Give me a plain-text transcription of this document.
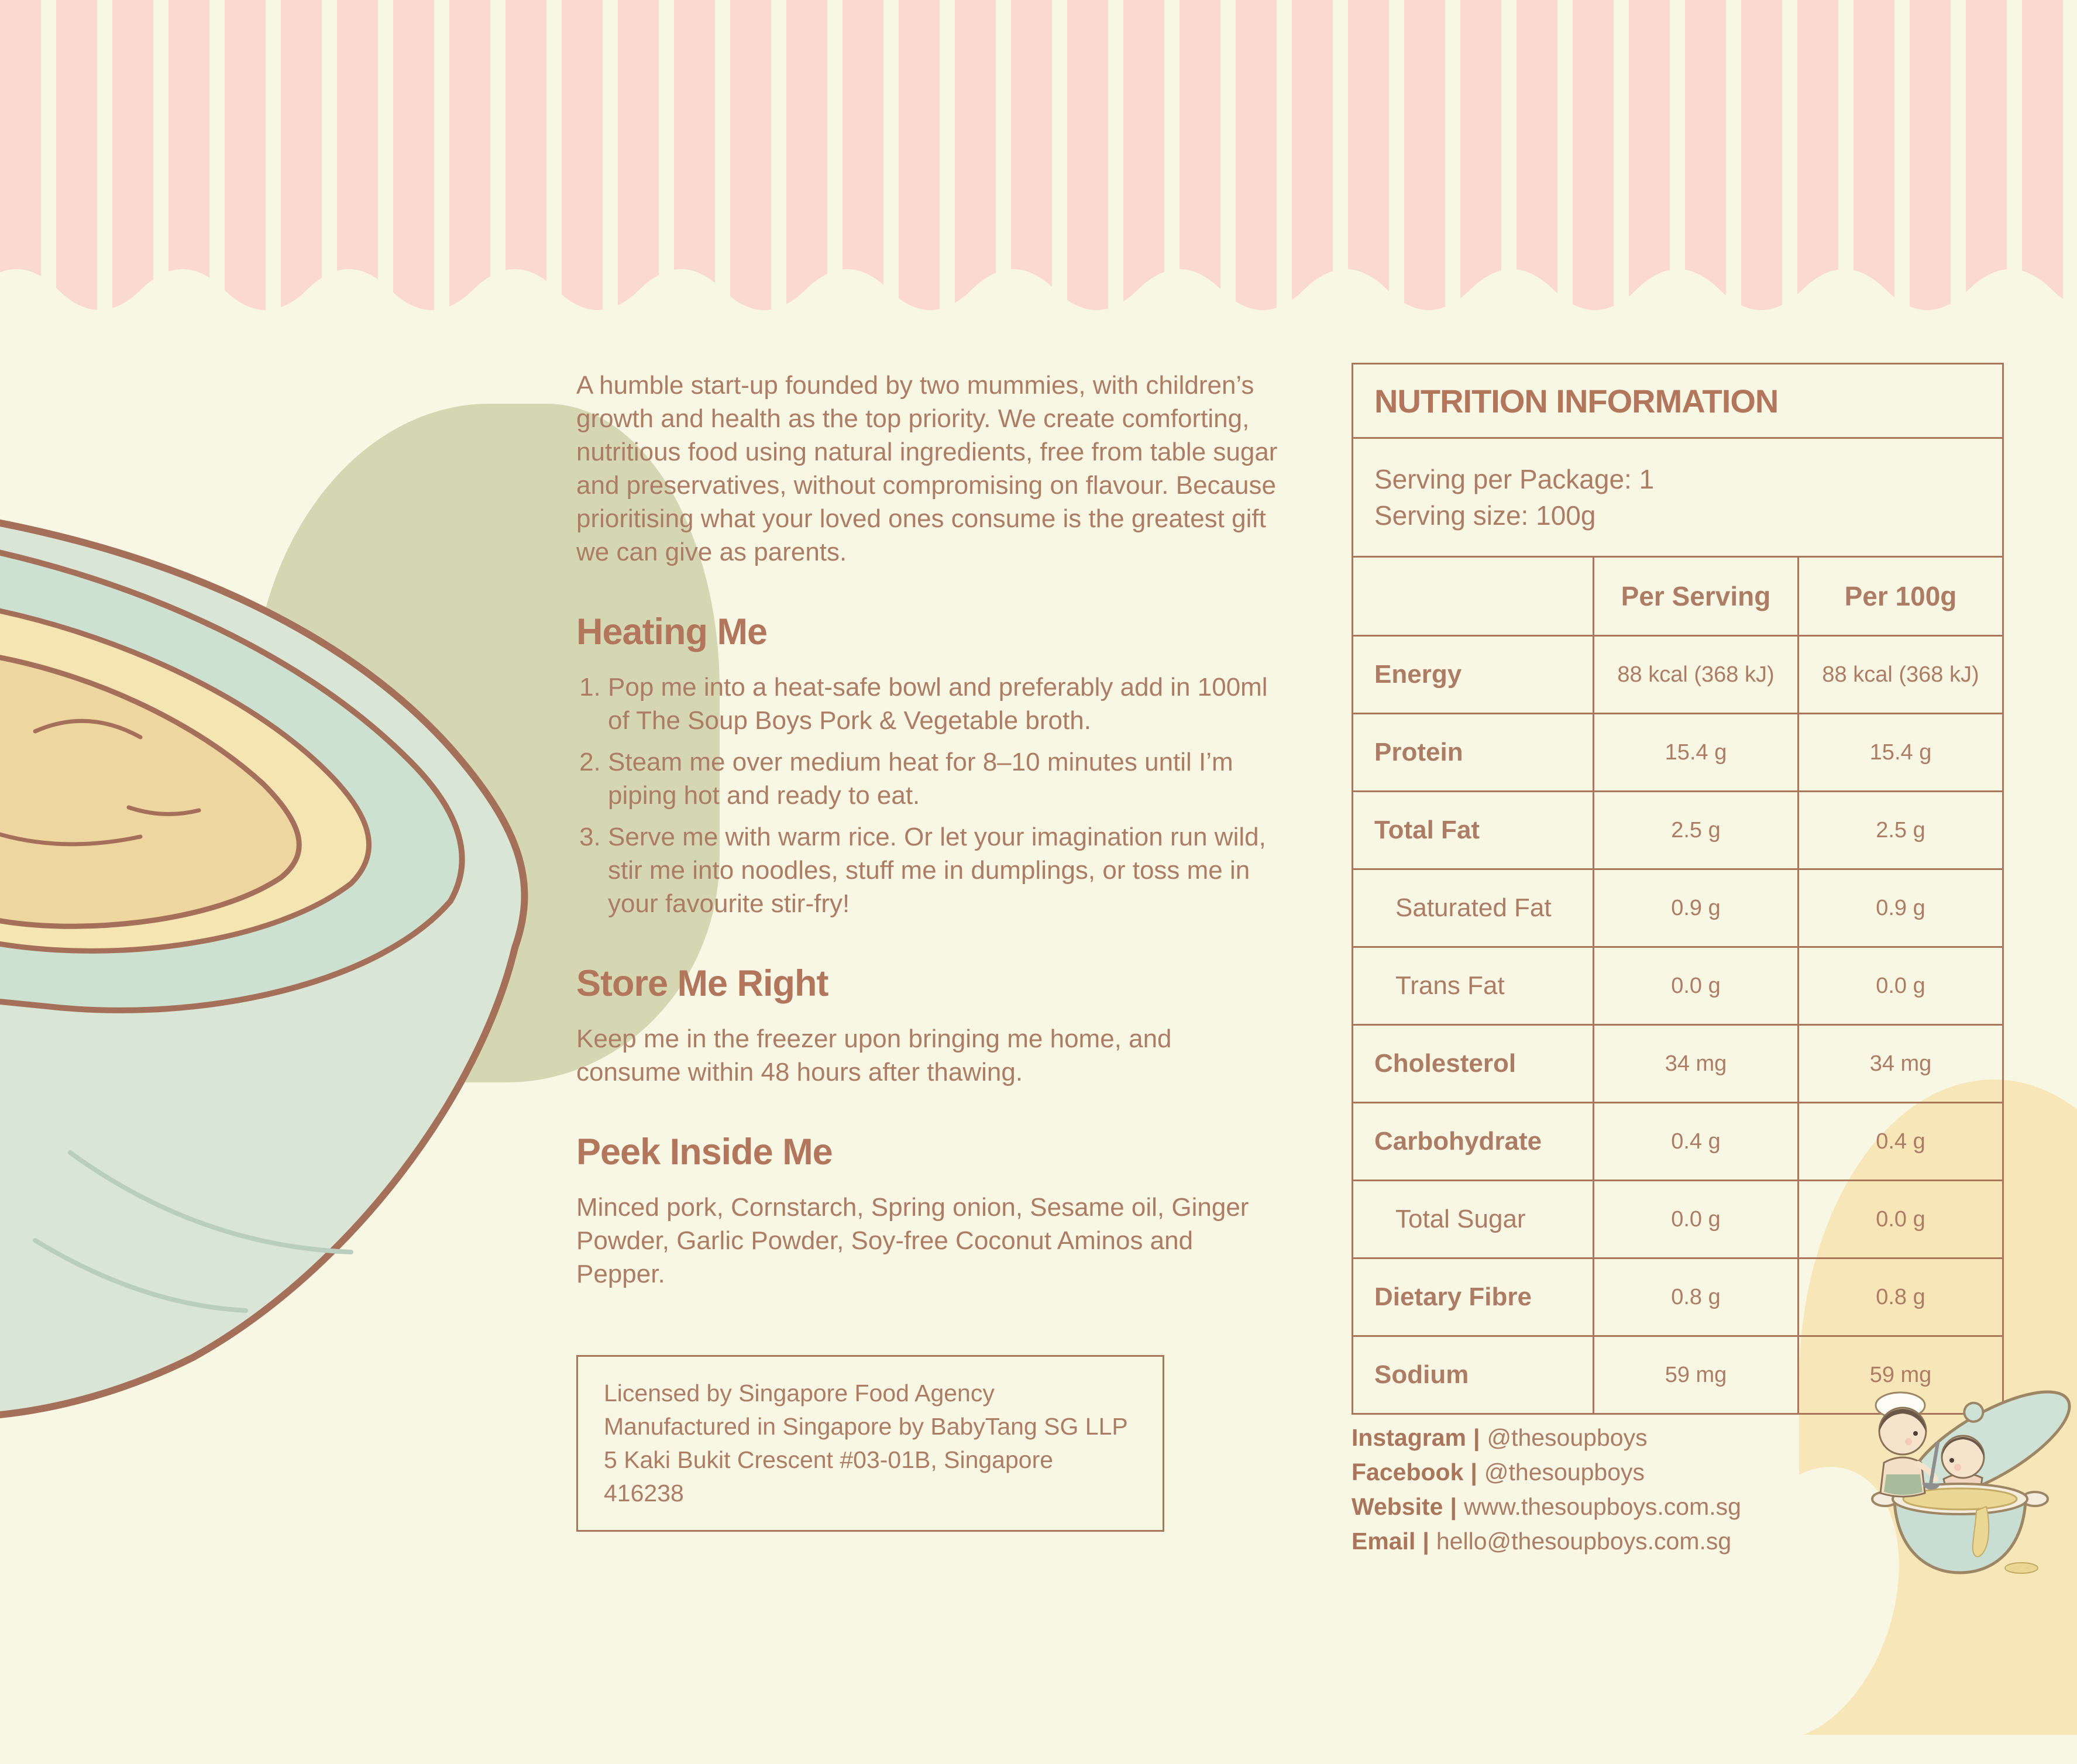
A humble start-up founded by two mummies, with children’s growth and health as the top priority. We create comforting, nutritious food using natural ingredients, free from table sugar and preservatives, without compromising on flavour. Because prioritising what your loved ones consume is the greatest gift we can give as parents.

Heating Me
1. Pop me into a heat-safe bowl and preferably add in 100ml of The Soup Boys Pork & Vegetable broth.
2. Steam me over medium heat for 8–10 minutes until I’m piping hot and ready to eat.
3. Serve me with warm rice. Or let your imagination run wild, stir me into noodles, stuff me in dumplings, or toss me in your favourite stir-fry!
Store Me Right

Keep me in the freezer upon bringing me home, and consume within 48 hours after thawing.

Peek Inside Me

Minced pork, Cornstarch, Spring onion, Sesame oil, Ginger Powder, Garlic Powder, Soy-free Coconut Aminos and Pepper.

Licensed by Singapore Food Agency
Manufactured in Singapore by BabyTang SG LLP
5 Kaki Bukit Crescent #03-01B, Singapore 416238
NUTRITION INFORMATION		

Serving per Package: 1
Serving size: 100g		

	Per Serving	Per 100g
Energy	88 kcal (368 kJ)	88 kcal (368 kJ)
Protein	15.4 g	15.4 g
Total Fat	2.5 g	2.5 g
Saturated Fat	0.9 g	0.9 g
Trans Fat	0.0 g	0.0 g
Cholesterol	34 mg	34 mg
Carbohydrate	0.4 g	0.4 g
Total Sugar	0.0 g	0.0 g
Dietary Fibre	0.8 g	0.8 g
Sodium	59 mg	59 mg
Instagram | @thesoupboys
Facebook | @thesoupboys
Website | www.thesoupboys.com.sg
Email | hello@thesoupboys.com.sg
